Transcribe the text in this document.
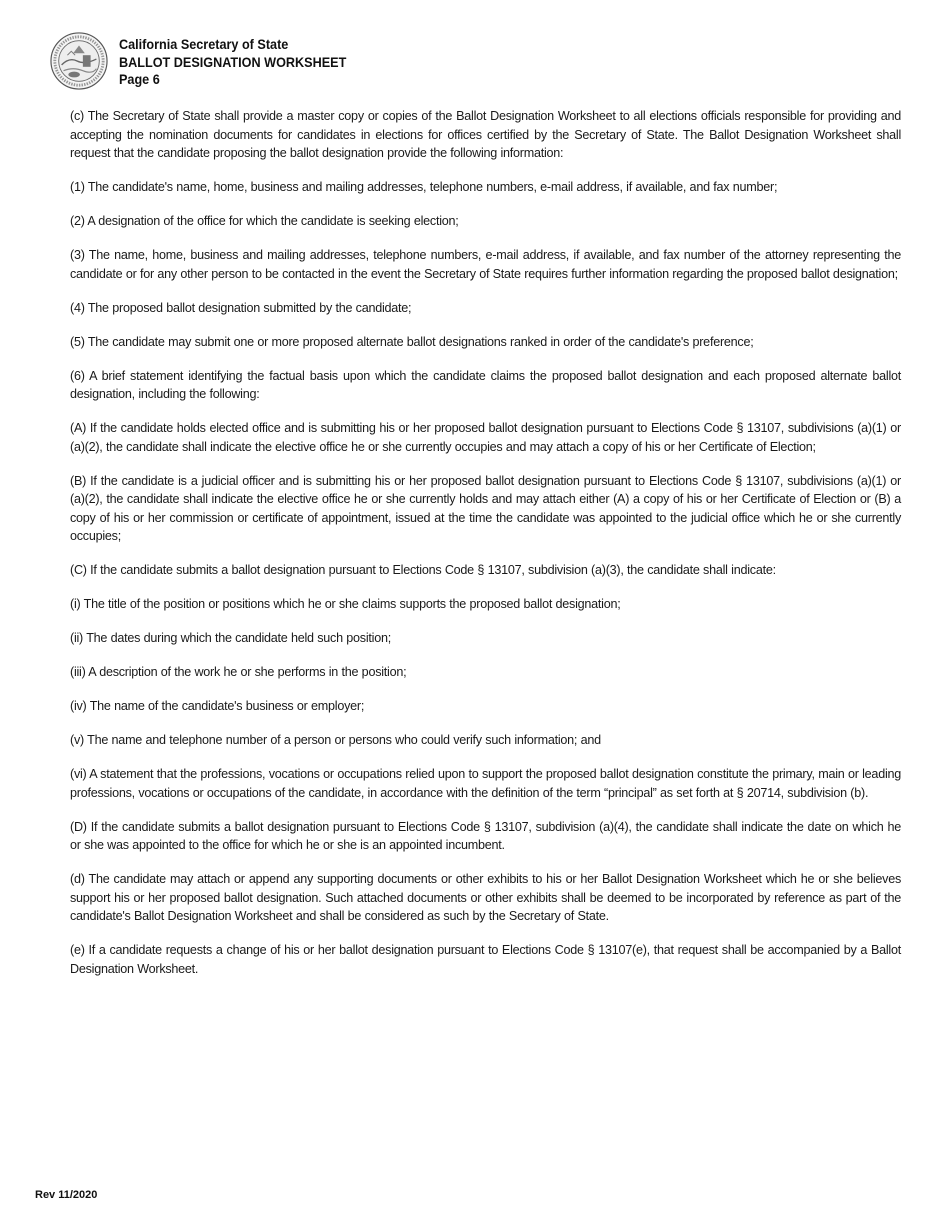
California Secretary of State
BALLOT DESIGNATION WORKSHEET
Page 6

(c) The Secretary of State shall provide a master copy or copies of the Ballot Designation Worksheet to all elections officials responsible for providing and accepting the nomination documents for candidates in elections for offices certified by the Secretary of State. The Ballot Designation Worksheet shall request that the candidate proposing the ballot designation provide the following information:

(1) The candidate's name, home, business and mailing addresses, telephone numbers, e-mail address, if available, and fax number;

(2) A designation of the office for which the candidate is seeking election;

(3) The name, home, business and mailing addresses, telephone numbers, e-mail address, if available, and fax number of the attorney representing the candidate or for any other person to be contacted in the event the Secretary of State requires further information regarding the proposed ballot designation;

(4) The proposed ballot designation submitted by the candidate;

(5) The candidate may submit one or more proposed alternate ballot designations ranked in order of the candidate's preference;

(6) A brief statement identifying the factual basis upon which the candidate claims the proposed ballot designation and each proposed alternate ballot designation, including the following:

(A) If the candidate holds elected office and is submitting his or her proposed ballot designation pursuant to Elections Code § 13107, subdivisions (a)(1) or (a)(2), the candidate shall indicate the elective office he or she currently occupies and may attach a copy of his or her Certificate of Election;

(B) If the candidate is a judicial officer and is submitting his or her proposed ballot designation pursuant to Elections Code § 13107, subdivisions (a)(1) or (a)(2), the candidate shall indicate the elective office he or she currently holds and may attach either (A) a copy of his or her Certificate of Election or (B) a copy of his or her commission or certificate of appointment, issued at the time the candidate was appointed to the judicial office which he or she currently occupies;

(C) If the candidate submits a ballot designation pursuant to Elections Code § 13107, subdivision (a)(3), the candidate shall indicate:

(i) The title of the position or positions which he or she claims supports the proposed ballot designation;

(ii) The dates during which the candidate held such position;

(iii) A description of the work he or she performs in the position;

(iv) The name of the candidate's business or employer;

(v) The name and telephone number of a person or persons who could verify such information; and

(vi) A statement that the professions, vocations or occupations relied upon to support the proposed ballot designation constitute the primary, main or leading professions, vocations or occupations of the candidate, in accordance with the definition of the term “principal” as set forth at § 20714, subdivision (b).

(D) If the candidate submits a ballot designation pursuant to Elections Code § 13107, subdivision (a)(4), the candidate shall indicate the date on which he or she was appointed to the office for which he or she is an appointed incumbent.

(d) The candidate may attach or append any supporting documents or other exhibits to his or her Ballot Designation Worksheet which he or she believes support his or her proposed ballot designation. Such attached documents or other exhibits shall be deemed to be incorporated by reference as part of the candidate's Ballot Designation Worksheet and shall be considered as such by the Secretary of State.

(e) If a candidate requests a change of his or her ballot designation pursuant to Elections Code § 13107(e), that request shall be accompanied by a Ballot Designation Worksheet.

Rev 11/2020
